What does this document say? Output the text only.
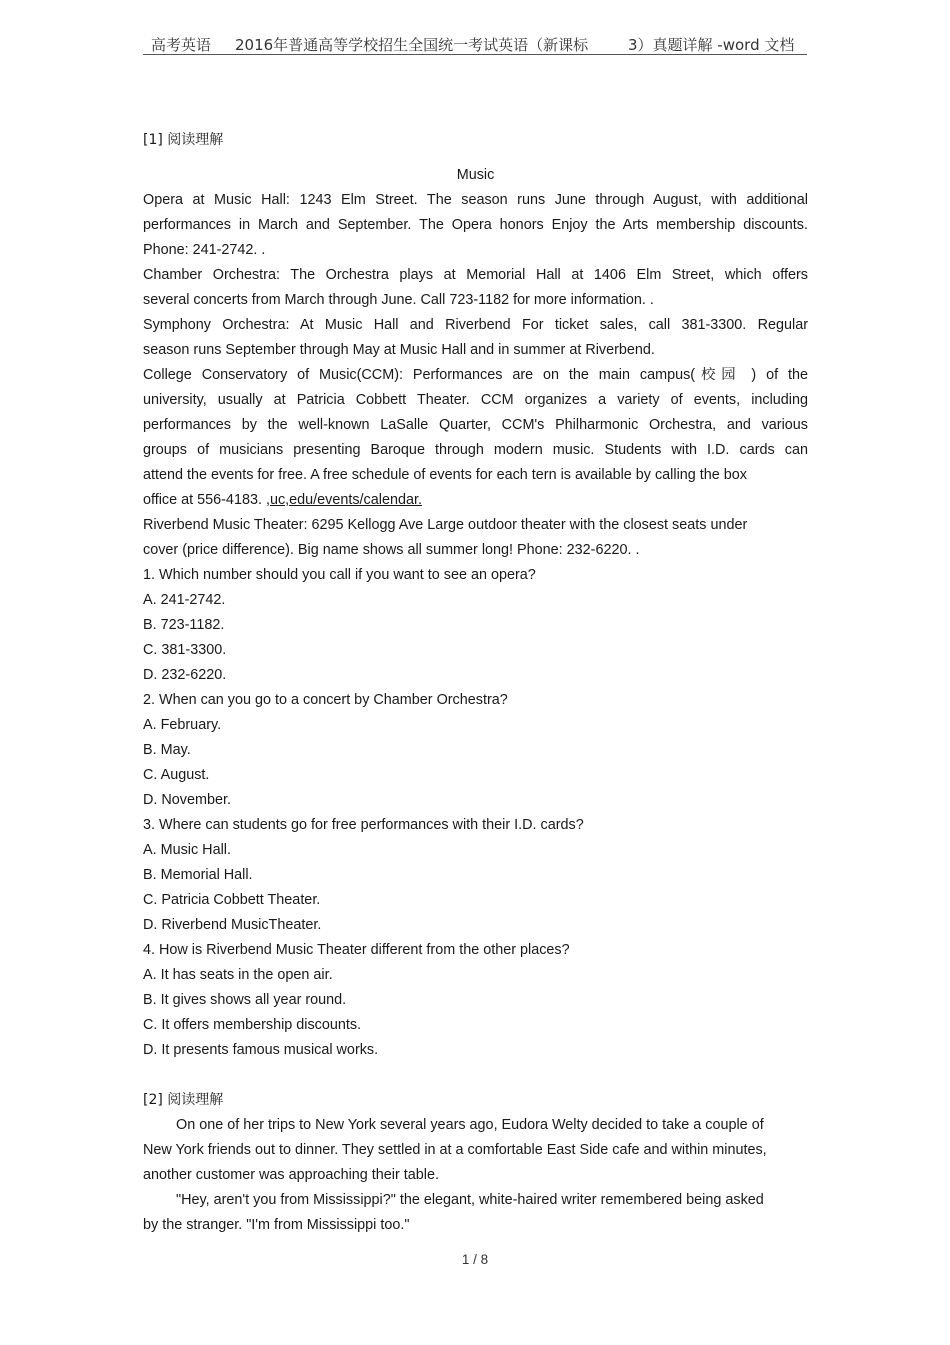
高考英语 2016年普通高等学校招生全国统一考试英语（新课标	3）真题详解 -word 文档
[1] 阅读理解
Music
Opera at Music Hall: 1243 Elm Street. The season runs June through August, with additional
performances in March and September. The Opera honors Enjoy the Arts membership discounts.
Phone: 241-2742. .
Chamber Orchestra: The Orchestra plays at Memorial Hall at 1406 Elm Street, which offers
several concerts from March through June. Call 723-1182 for more information. .
Symphony Orchestra: At Music Hall and Riverbend For ticket sales, call 381-3300. Regular
season runs September through May at Music Hall and in summer at Riverbend.
College Conservatory of Music(CCM): Performances are on the main campus(校园 ) of the
university, usually at Patricia Cobbett Theater. CCM organizes a variety of events, including
performances by the well-known LaSalle Quarter, CCM's Philharmonic Orchestra, and various
groups of musicians presenting Baroque through modern music. Students with I.D. cards can
attend the events for free. A free schedule of events for each tern is available by calling the box
office at 556-4183. ,uc,edu/events/calendar.
Riverbend Music Theater: 6295 Kellogg Ave Large outdoor theater with the closest seats under
cover (price difference). Big name shows all summer long! Phone: 232-6220. .
1. Which number should you call if you want to see an opera?
A. 241-2742.
B. 723-1182.
C. 381-3300.
D. 232-6220.
2. When can you go to a concert by Chamber Orchestra?
A. February.
B. May.
C. August.
D. November.
3. Where can students go for free performances with their I.D. cards?
A. Music Hall.
B. Memorial Hall.
C. Patricia Cobbett Theater.
D. Riverbend MusicTheater.
4. How is Riverbend Music Theater different from the other places?
A. It has seats in the open air.
B. It gives shows all year round.
C. It offers membership discounts.
D. It presents famous musical works.
[2] 阅读理解
On one of her trips to New York several years ago, Eudora Welty decided to take a couple of
New York friends out to dinner. They settled in at a comfortable East Side cafe and within minutes,
another customer was approaching their table.
"Hey, aren't you from Mississippi?" the elegant, white-haired writer remembered being asked
by the stranger. "I'm from Mississippi too."
1 / 8
